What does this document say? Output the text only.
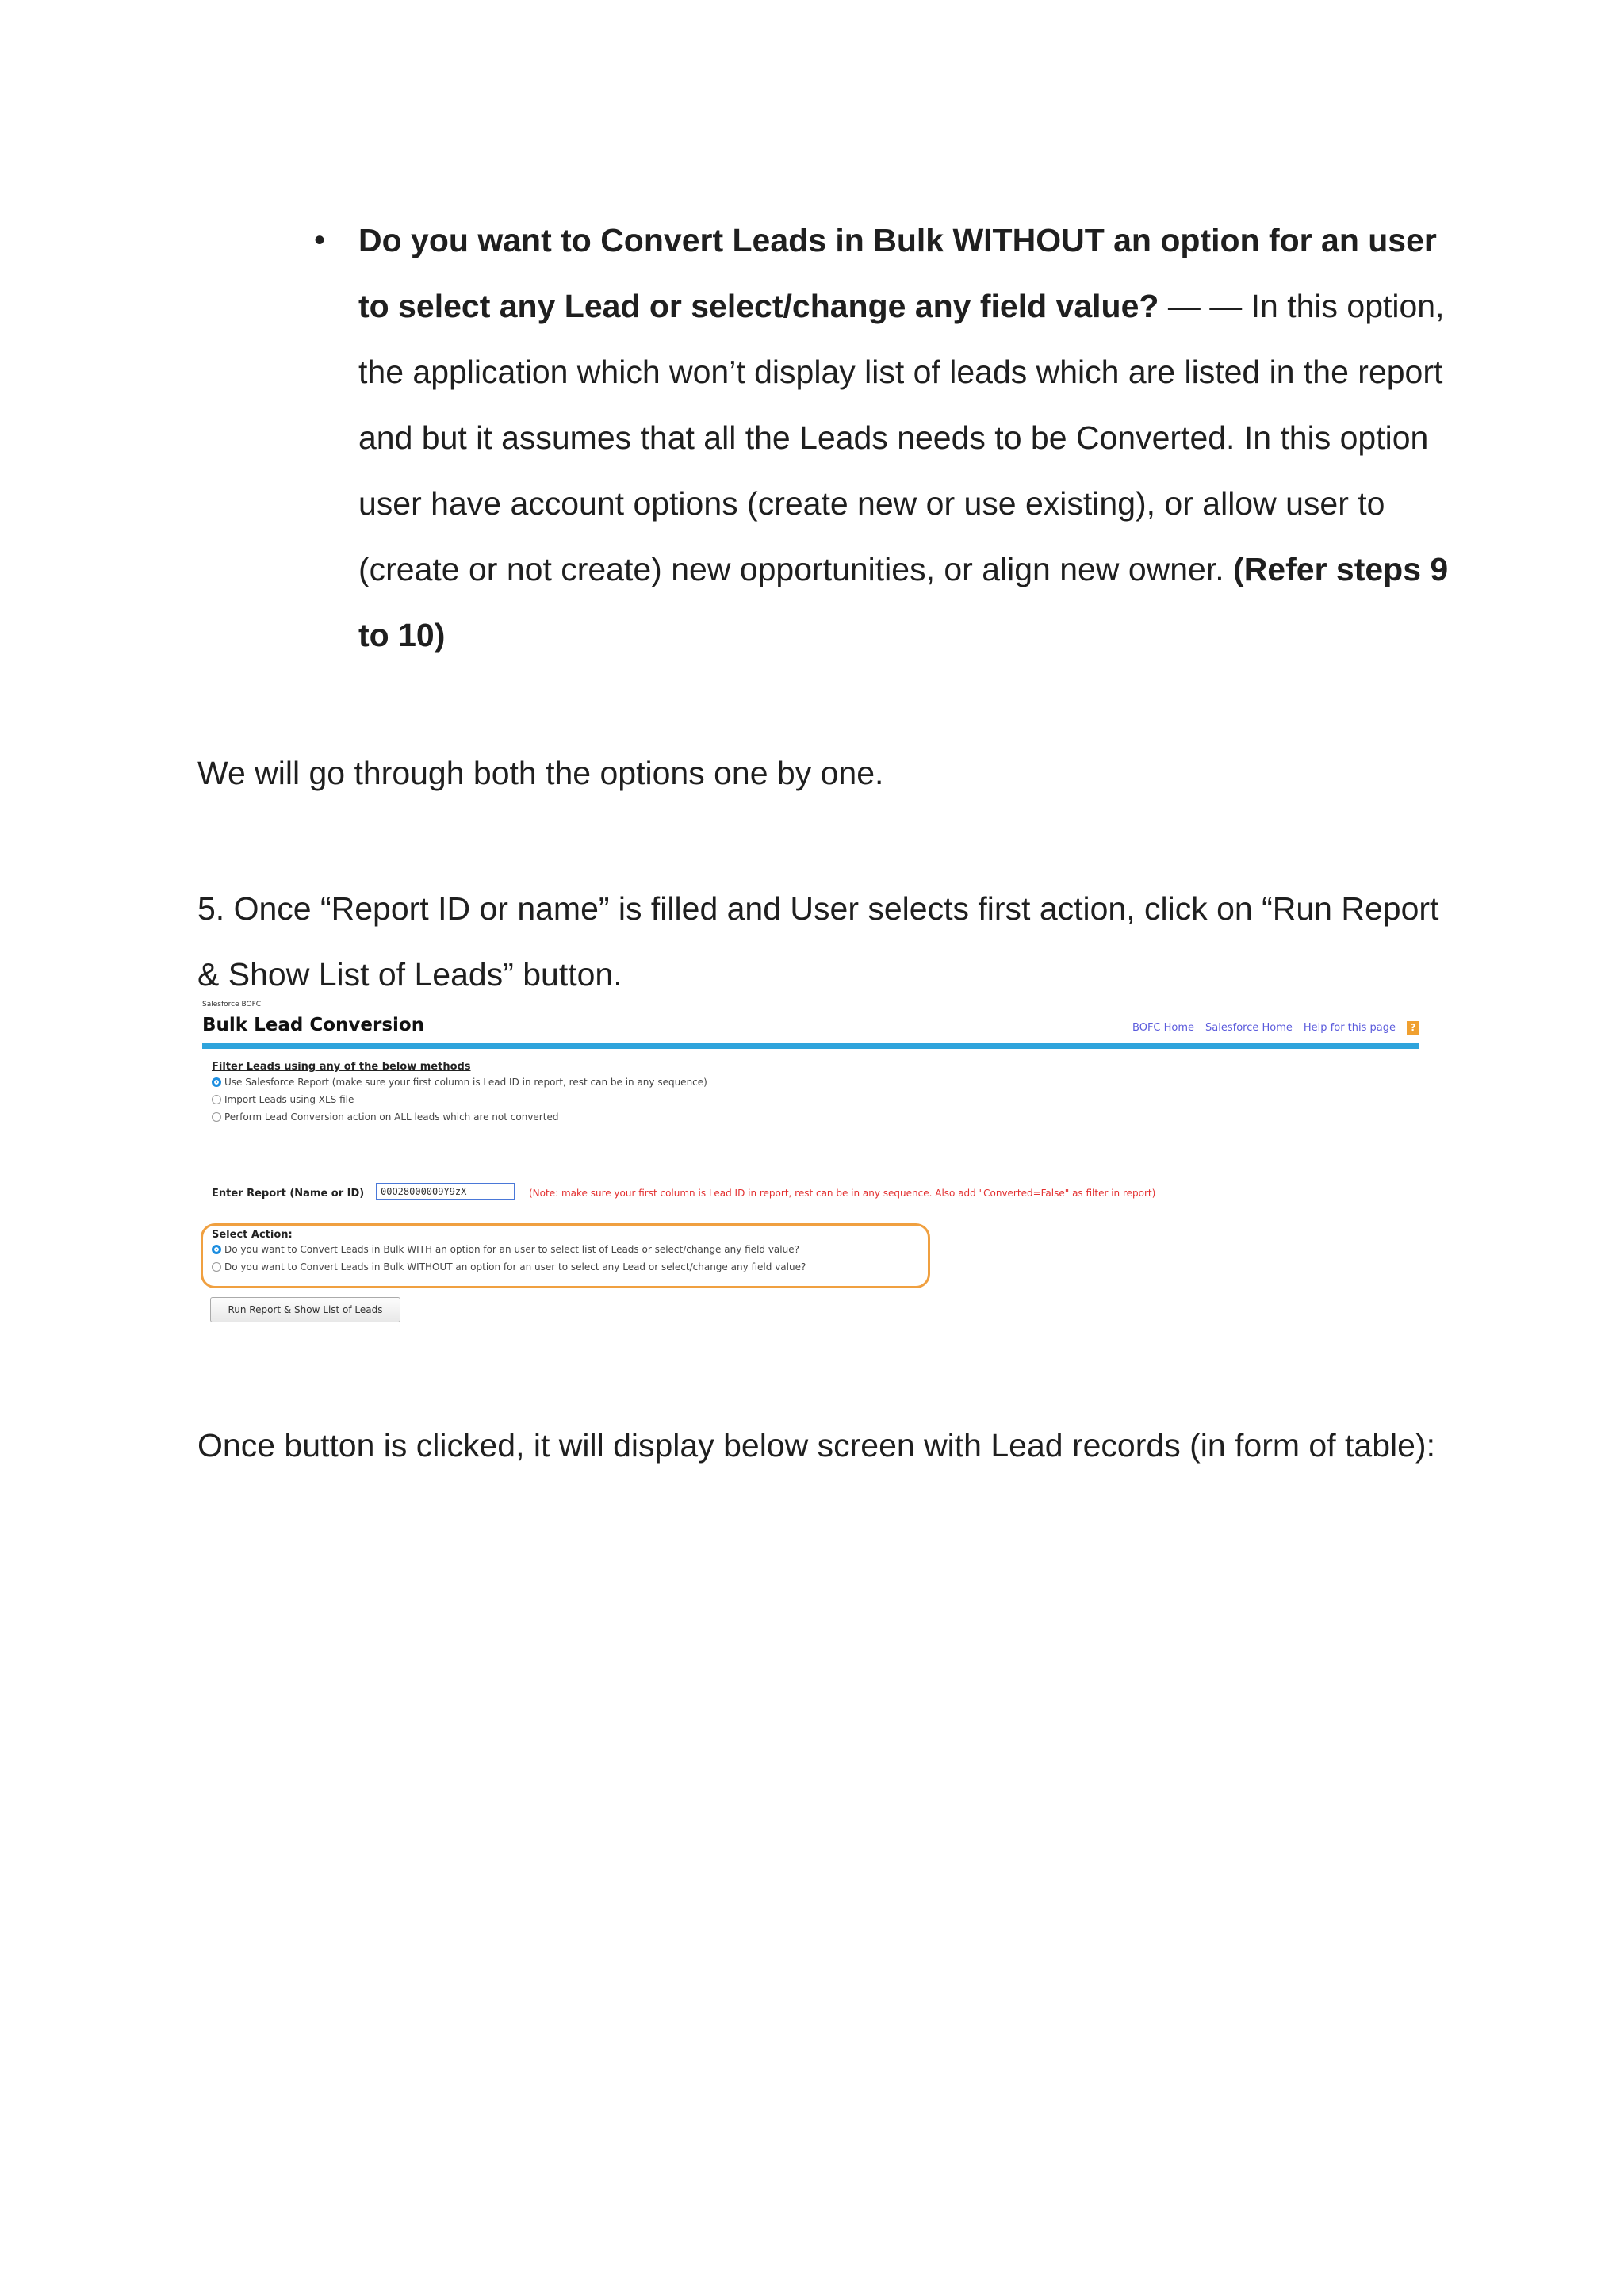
• Do you want to Convert Leads in Bulk WITHOUT an option for an user to select any Lead or select/change any field value? — — In this option, the application which won’t display list of leads which are listed in the report and but it assumes that all the Leads needs to be Converted. In this option user have account options (create new or use existing), or allow user to (create or not create) new opportunities, or align new owner. (Refer steps 9 to 10)
We will go through both the options one by one.
5. Once “Report ID or name” is filled and User selects first action, click on “Run Report & Show List of Leads” button.
Salesforce BOFC
Bulk Lead Conversion	BOFC Home Salesforce Home Help for this page	?
Filter Leads using any of the below methods
Use Salesforce Report (make sure your first column is Lead ID in report, rest can be in any sequence)
Import Leads using XLS file
Perform Lead Conversion action on ALL leads which are not converted
Enter Report (Name or ID)	00O28000009Y9zX	(Note: make sure your first column is Lead ID in report, rest can be in any sequence. Also add "Converted=False" as filter in report)
Select Action:
Do you want to Convert Leads in Bulk WITH an option for an user to select list of Leads or select/change any field value?
Do you want to Convert Leads in Bulk WITHOUT an option for an user to select any Lead or select/change any field value?
Run Report & Show List of Leads
Once button is clicked, it will display below screen with Lead records (in form of table):
